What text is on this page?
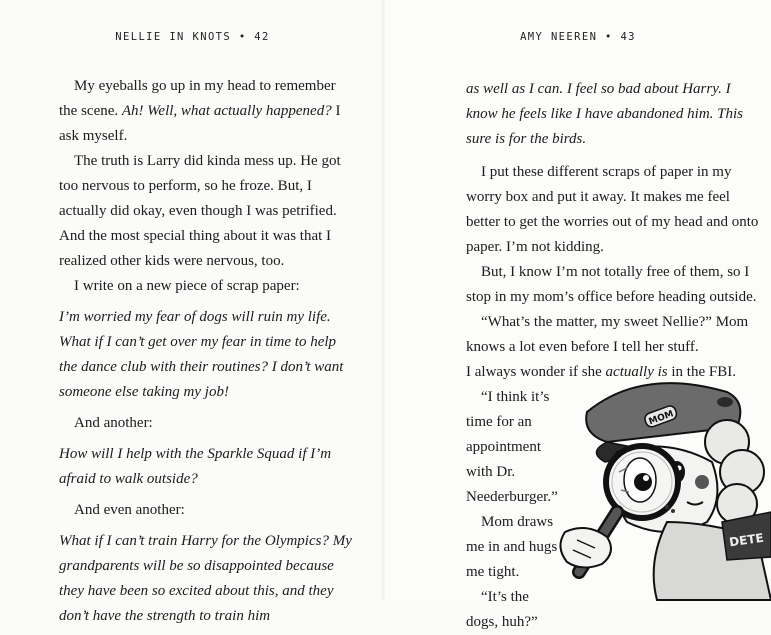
NELLIE IN KNOTS • 42

My eyeballs go up in my head to remember the scene. Ah! Well, what actually happened? I ask myself.

The truth is Larry did kinda mess up. He got too nervous to perform, so he froze. But, I actually did okay, even though I was petrified. And the most special thing about it was that I realized other kids were nervous, too.

I write on a new piece of scrap paper:

I’m worried my fear of dogs will ruin my life. What if I can’t get over my fear in time to help the dance club with their routines? I don’t want someone else taking my job!

And another:

How will I help with the Sparkle Squad if I’m afraid to walk outside?

And even another:

What if I can’t train Harry for the Olympics? My grandparents will be so disappointed because they have been so excited about this, and they don’t have the strength to train him

AMY NEEREN • 43

as well as I can. I feel so bad about Harry. I know he feels like I have abandoned him. This sure is for the birds.

I put these different scraps of paper in my worry box and put it away. It makes me feel better to get the worries out of my head and onto paper. I’m not kidding.

But, I know I’m not totally free of them, so I stop in my mom’s office before heading outside.

“What’s the matter, my sweet Nellie?” Mom knows a lot even before I tell her stuff.

I always wonder if she actually is in the FBI.

“I think it’s time for an appointment with Dr. Neederburger.”

Mom draws me in and hugs me tight.

“It’s the dogs, huh?”

MOM
DETE
